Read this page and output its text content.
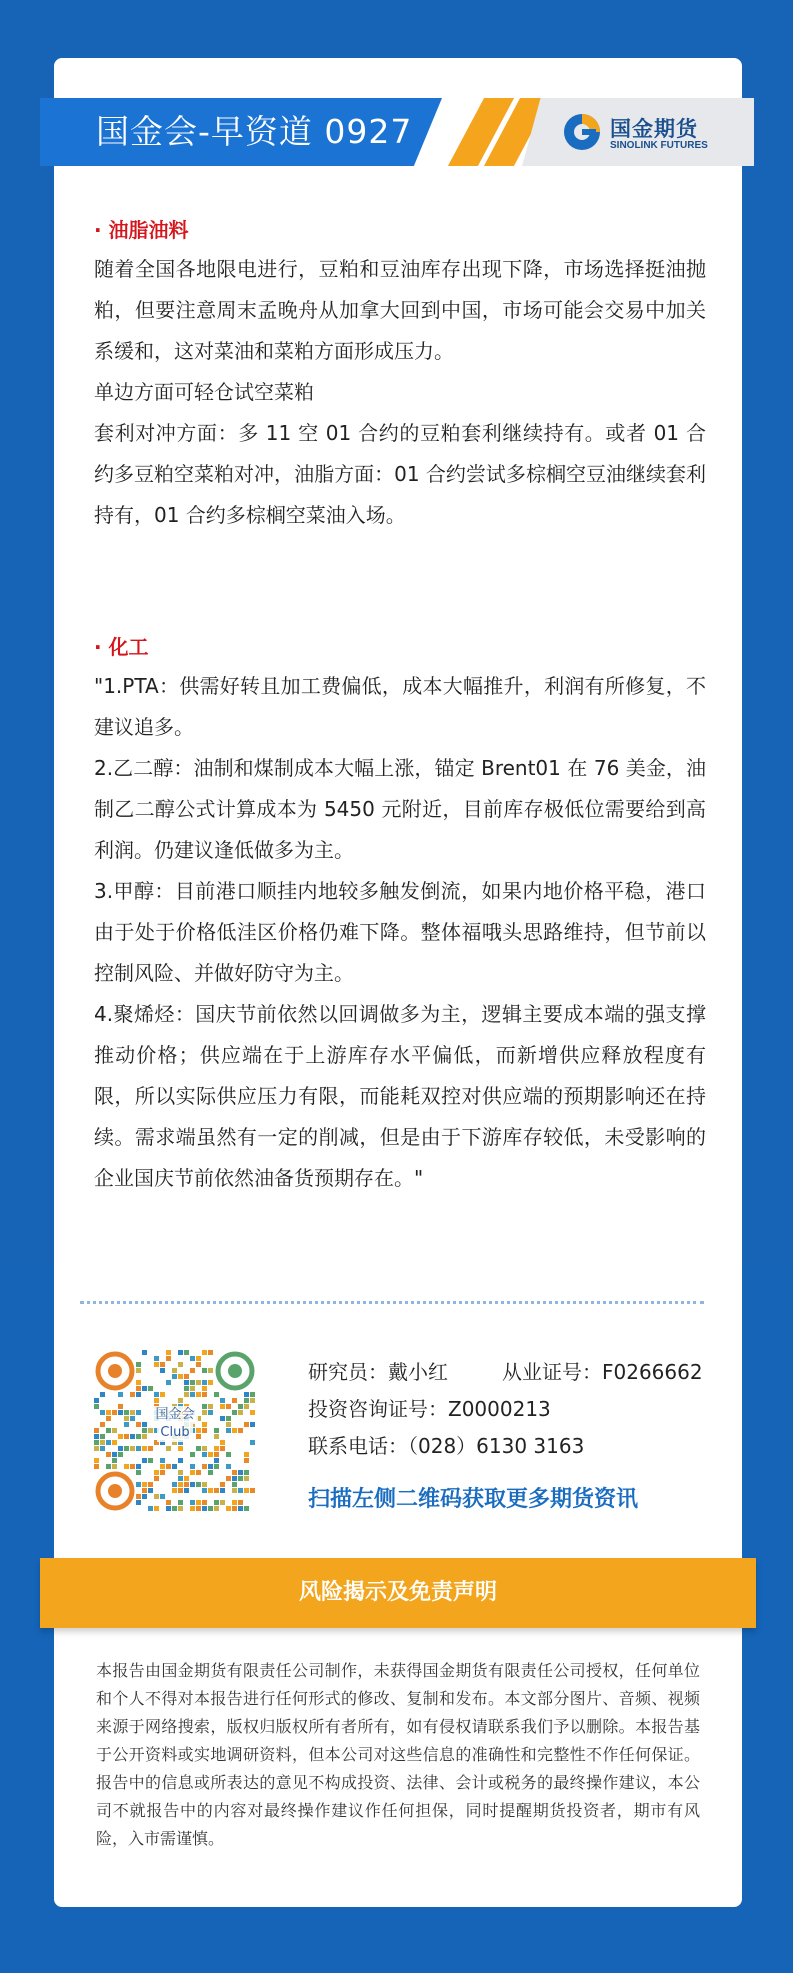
国金会-早资道 0927	国金期货
SINOLINK FUTURES
· 油脂油料

随着全国各地限电进行，豆粕和豆油库存出现下降，市场选择挺油抛粕，但要注意周末孟晚舟从加拿大回到中国，市场可能会交易中加关系缓和，这对菜油和菜粕方面形成压力。

单边方面可轻仓试空菜粕

套利对冲方面：多 11 空 01 合约的豆粕套利继续持有。或者 01 合约多豆粕空菜粕对冲，油脂方面：01 合约尝试多棕榈空豆油继续套利持有，01 合约多棕榈空菜油入场。

· 化工

"1.PTA：供需好转且加工费偏低，成本大幅推升，利润有所修复，不建议追多。

2.乙二醇：油制和煤制成本大幅上涨，锚定 Brent01 在 76 美金，油制乙二醇公式计算成本为 5450 元附近，目前库存极低位需要给到高利润。仍建议逢低做多为主。

3.甲醇：目前港口顺挂内地较多触发倒流，如果内地价格平稳，港口由于处于价格低洼区价格仍难下降。整体福哦头思路维持，但节前以控制风险、并做好防守为主。

4.聚烯烃：国庆节前依然以回调做多为主，逻辑主要成本端的强支撑推动价格；供应端在于上游库存水平偏低，而新增供应释放程度有限，所以实际供应压力有限，而能耗双控对供应端的预期影响还在持续。需求端虽然有一定的削减，但是由于下游库存较低，未受影响的企业国庆节前依然油备货预期存在。"

国金会
Club
研究员：戴小红	从业证号：F0266662
投资咨询证号：Z0000213
联系电话：（028）6130 3163
扫描左侧二维码获取更多期货资讯
风险揭示及免责声明
本报告由国金期货有限责任公司制作，未获得国金期货有限责任公司授权，任何单位和个人不得对本报告进行任何形式的修改、复制和发布。本文部分图片、音频、视频来源于网络搜索，版权归版权所有者所有，如有侵权请联系我们予以删除。本报告基于公开资料或实地调研资料，但本公司对这些信息的准确性和完整性不作任何保证。报告中的信息或所表达的意见不构成投资、法律、会计或税务的最终操作建议，本公司不就报告中的内容对最终操作建议作任何担保，同时提醒期货投资者，期市有风险，入市需谨慎。
